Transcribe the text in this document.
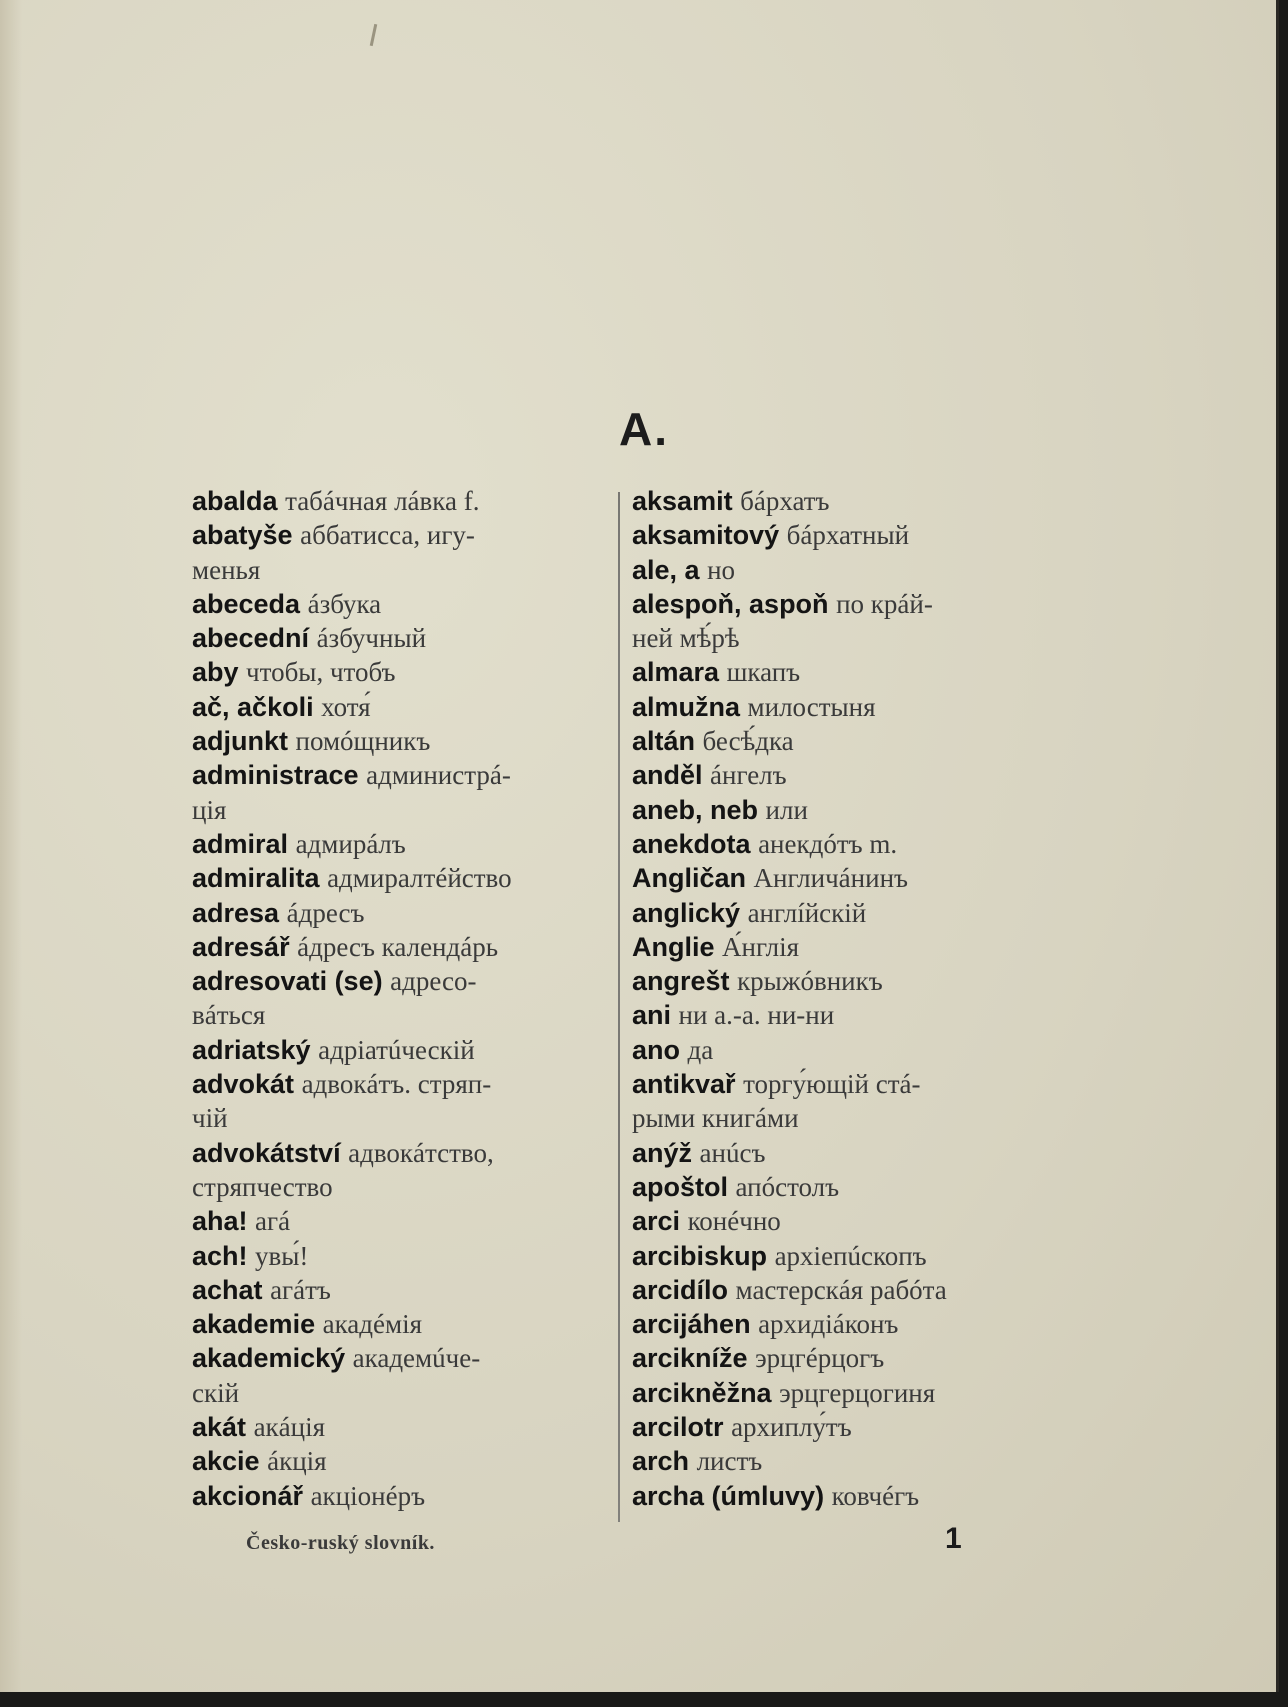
A.
abalda табáчная лáвка f.
abatyše аббатисса, игу-
менья
abeceda áзбука
abecední áзбучный
aby чтобы, чтобъ
ač, ačkoli хотя́
adjunkt помóщникъ
administrace администрá-
ція
admiral адмирáлъ
admiralita адмиралтéйство
adresa áдресъ
adresář áдресъ календáрь
adresovati (se) адресо-
вáться
adriatský адріатúческій
advokát адвокáтъ. стряп-
чій
advokátství адвокáтство,
стряпчество
aha! агá
ach! увы́!
achat агáтъ
akademie акадéмія
akademický академúче-
скій
akát акáція
akcie áкція
akcionář акціонéръ
aksamit бáрхатъ
aksamitový бáрхатный
ale, a но
alespoň, aspoň по крáй-
ней мѣ́рѣ
almara шкапъ
almužna милостыня
altán бесѣ́дка
anděl áнгелъ
aneb, neb или
anekdota анекдóтъ m.
Angličan Англичáнинъ
anglický англíйскій
Anglie А́нглія
angrešt крыжóвникъ
ani ни а.-а. ни-ни
ano да
antikvař торгу́ющій стá-
рыми книгáми
anýž анúсъ
apoštol апóстолъ
arci конéчно
arcibiskup архіепúскопъ
arcidílo мастерскáя рабóта
arcijáhen архидіáконъ
arcikníže эрцгéрцогъ
arcikněžna эрцгерцогиня
arcilotr архиплу́тъ
arch листъ
archa (úmluvy) ковчéгъ
Česko-ruský slovník.	1
